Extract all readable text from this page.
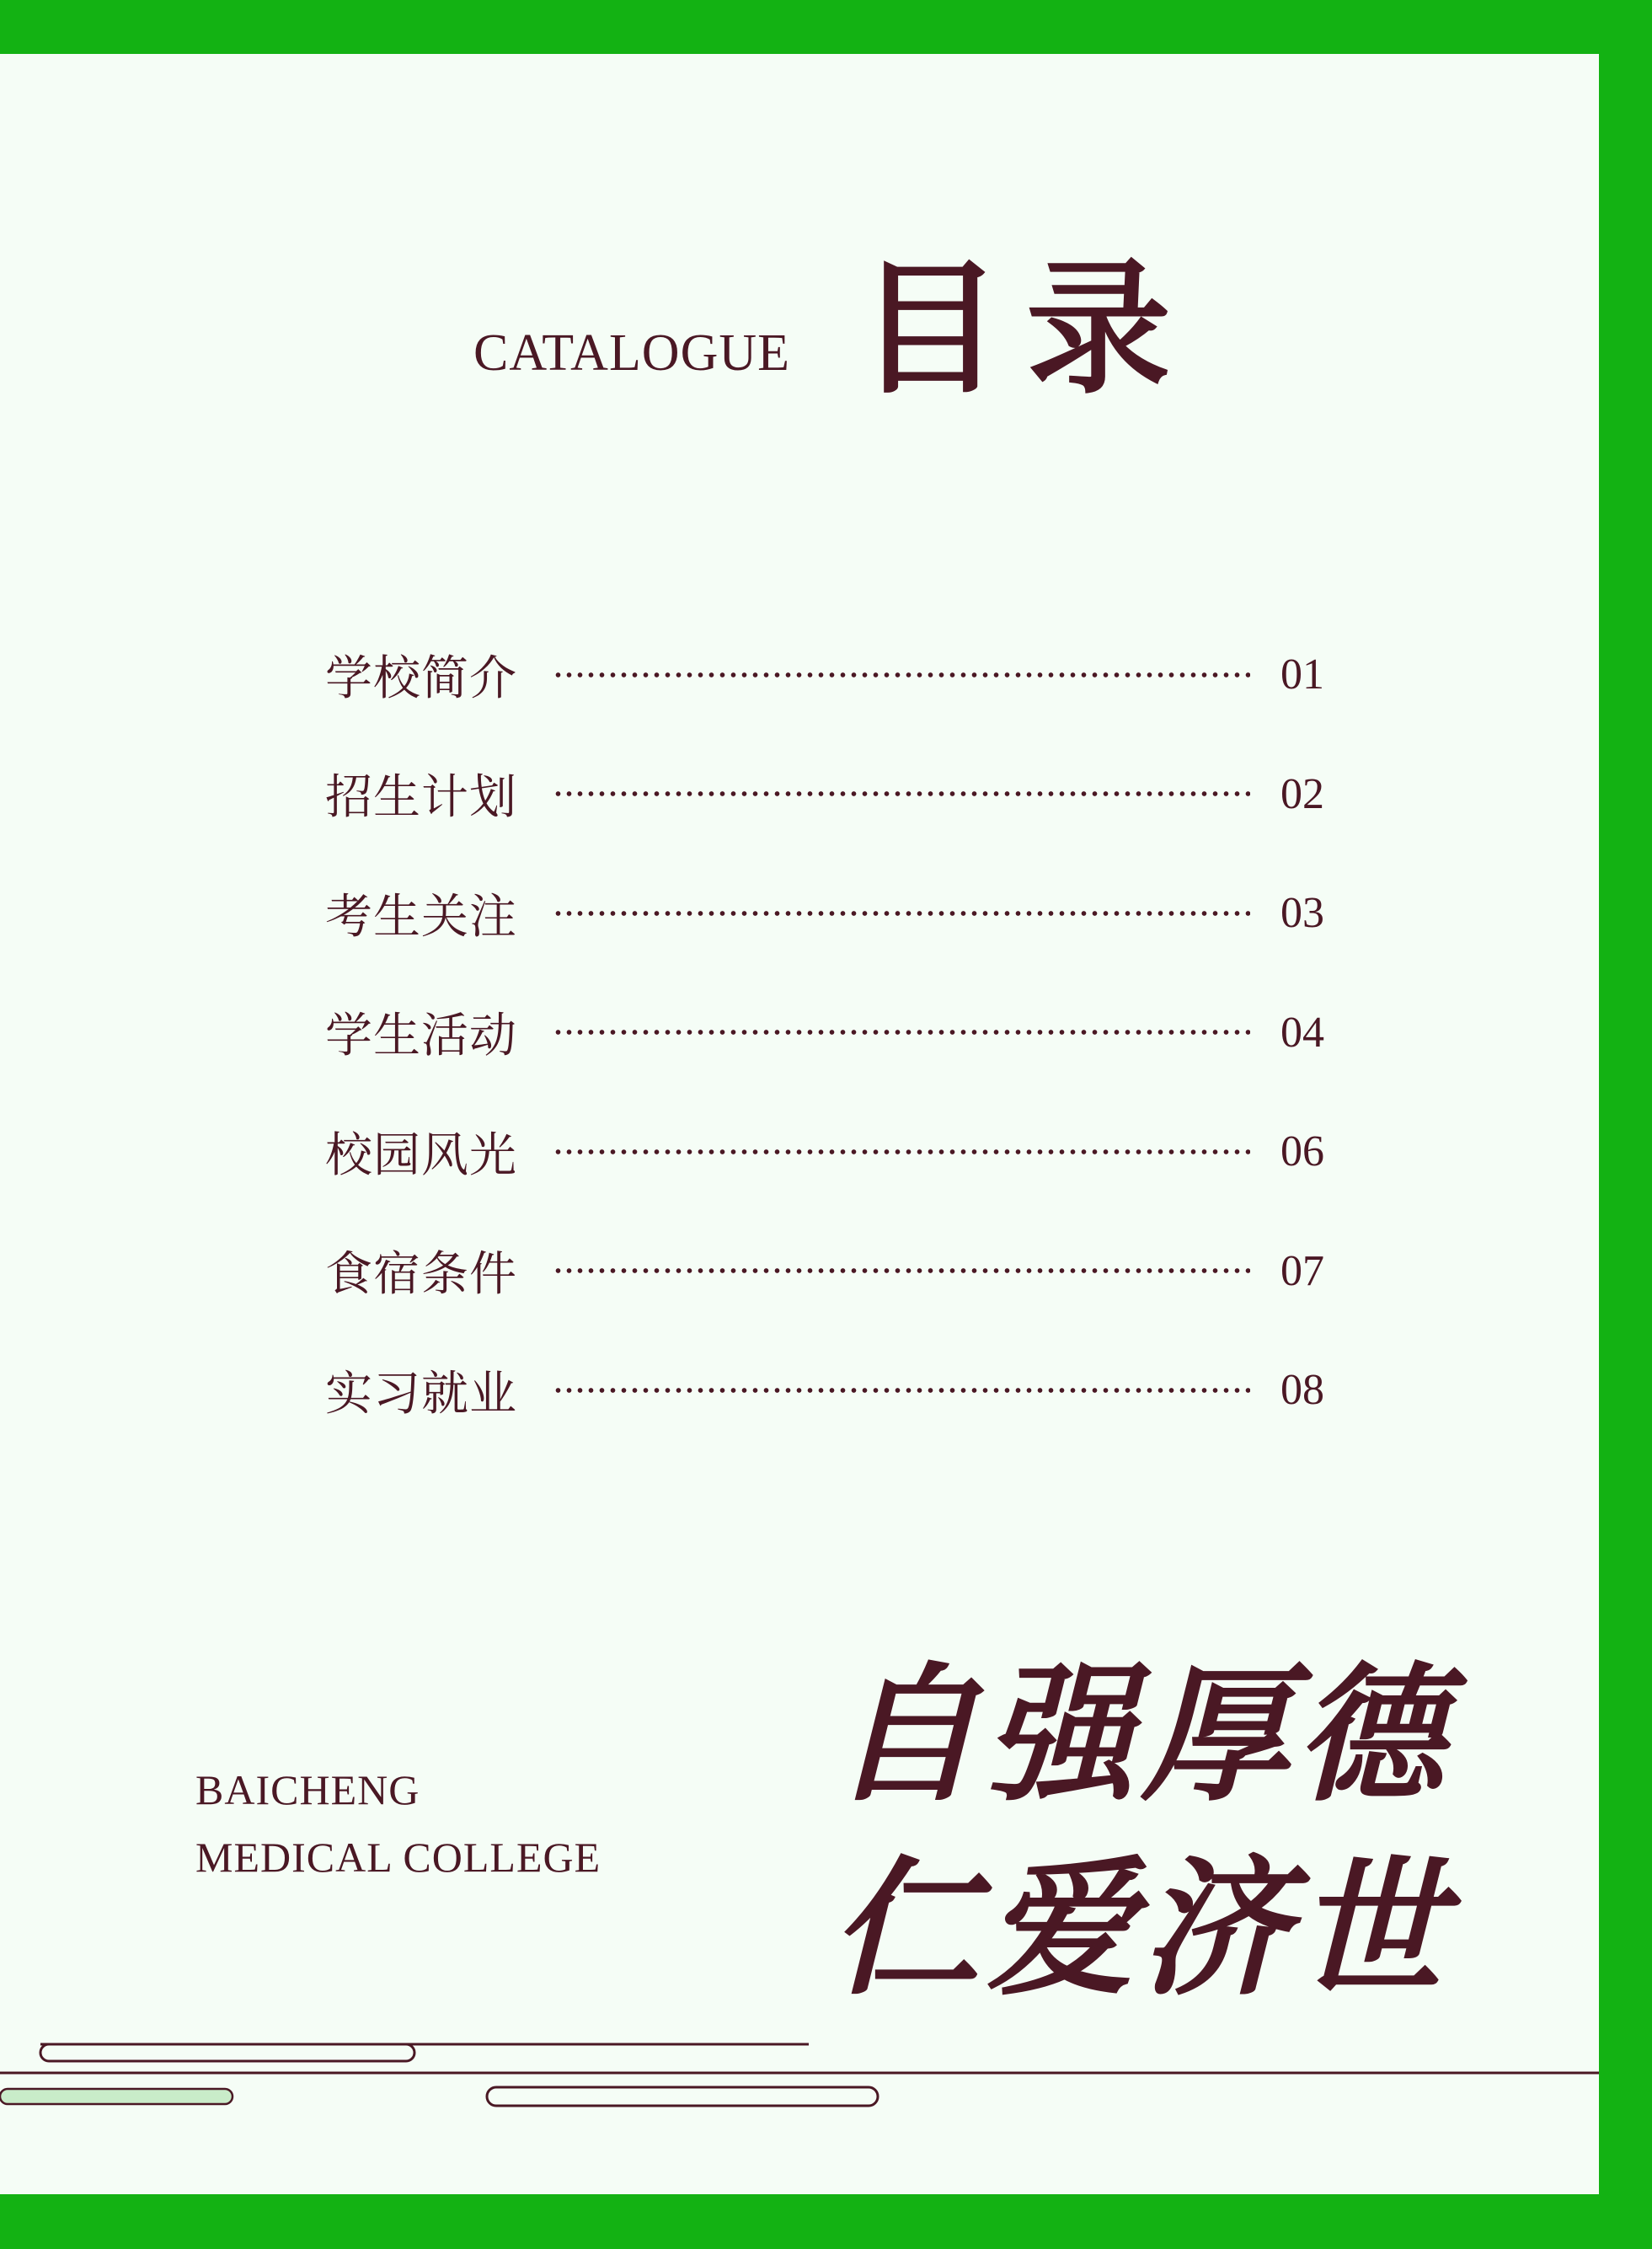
CATALOGUE 目录
学校简介	01
招生计划	02
考生关注	03
学生活动	04
校园风光	06
食宿条件	07
实习就业	08
BAICHENG
MEDICAL COLLEGE
自强厚德
仁爱济世
